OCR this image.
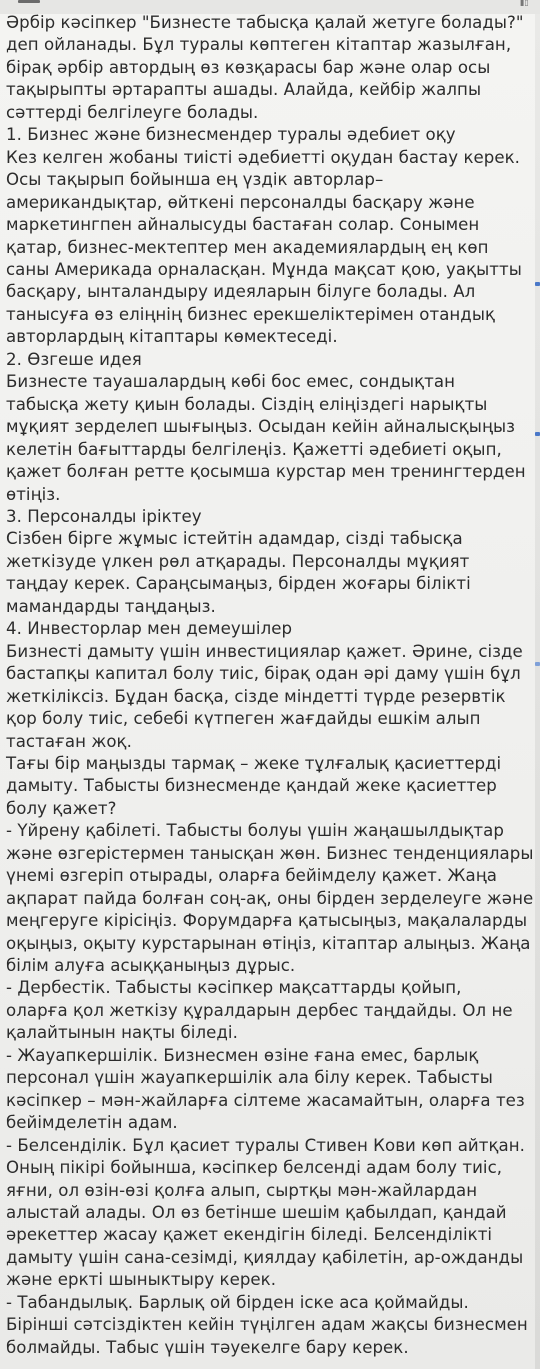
▮▯

Әрбір кәсіпкер "Бизнесте табысқа қалай жетуге болады?"

деп ойланады. Бұл туралы көптеген кітаптар жазылған,

бірақ әрбір автордың өз көзқарасы бар және олар осы

тақырыпты әртарапты ашады. Алайда, кейбір жалпы

сәттерді белгілеуге болады.

1. Бизнес және бизнесмендер туралы әдебиет оқу

Кез келген жобаны тиісті әдебиетті оқудан бастау керек.

Осы тақырып бойынша ең үздік авторлар–

американдықтар, өйткені персоналды басқару және

маркетингпен айналысуды бастаған солар. Сонымен

қатар, бизнес-мектептер мен академиялардың ең көп

саны Америкада орналасқан. Мұнда мақсат қою, уақытты

басқару, ынталандыру идеяларын білуге болады. Ал

танысуға өз еліңнің бизнес ерекшеліктерімен отандық

авторлардың кітаптары көмектеседі.

2. Өзгеше идея

Бизнесте тауашалардың көбі бос емес, сондықтан

табысқа жету қиын болады. Сіздің еліңіздегі нарықты

мұқият зерделеп шығыңыз. Осыдан кейін айналысқыңыз

келетін бағыттарды белгілеңіз. Қажетті әдебиеті оқып,

қажет болған ретте қосымша курстар мен тренингтерден

өтіңіз.

3. Персоналды іріктеу

Сізбен бірге жұмыс істейтін адамдар, сізді табысқа

жеткізуде үлкен рөл атқарады. Персоналды мұқият

таңдау керек. Сараңсымаңыз, бірден жоғары білікті

мамандарды таңдаңыз.

4. Инвесторлар мен демеушілер

Бизнесті дамыту үшін инвестициялар қажет. Әрине, сізде

бастапқы капитал болу тиіс, бірақ одан әрі даму үшін бұл

жеткіліксіз. Бұдан басқа, сізде міндетті түрде резервтік

қор болу тиіс, себебі күтпеген жағдайды ешкім алып

тастаған жоқ.

Тағы бір маңызды тармақ – жеке тұлғалық қасиеттерді

дамыту. Табысты бизнесменде қандай жеке қасиеттер

болу қажет?

- Үйрену қабілеті. Табысты болуы үшін жаңашылдықтар

және өзгерістермен танысқан жөн. Бизнес тенденциялары

үнемі өзгеріп отырады, оларға бейімделу қажет. Жаңа

ақпарат пайда болған соң-ақ, оны бірден зерделеуге және

меңгеруге кірісіңіз. Форумдарға қатысыңыз, мақалаларды

оқыңыз, оқыту курстарынан өтіңіз, кітаптар алыңыз. Жаңа

білім алуға асыққаныңыз дұрыс.

- Дербестік. Табысты кәсіпкер мақсаттарды қойып,

оларға қол жеткізу құралдарын дербес таңдайды. Ол не

қалайтынын нақты біледі.

- Жауапкершілік. Бизнесмен өзіне ғана емес, барлық

персонал үшін жауапкершілік ала білу керек. Табысты

кәсіпкер – мән-жайларға сілтеме жасамайтын, оларға тез

бейімделетін адам.

- Белсенділік. Бұл қасиет туралы Стивен Кови көп айтқан.

Оның пікірі бойынша, кәсіпкер белсенді адам болу тиіс,

яғни, ол өзін-өзі қолға алып, сыртқы мән-жайлардан

алыстай алады. Ол өз бетінше шешім қабылдап, қандай

әрекеттер жасау қажет екендігін біледі. Белсенділікті

дамыту үшін сана-сезімді, қиялдау қабілетін, ар-ожданды

және еркті шыныктыру керек.

- Табандылық. Барлық ой бірден іске аса қоймайды.

Бірінші сәтсіздіктен кейін түңілген адам жақсы бизнесмен

болмайды. Табыс үшін тәуекелге бару керек.
